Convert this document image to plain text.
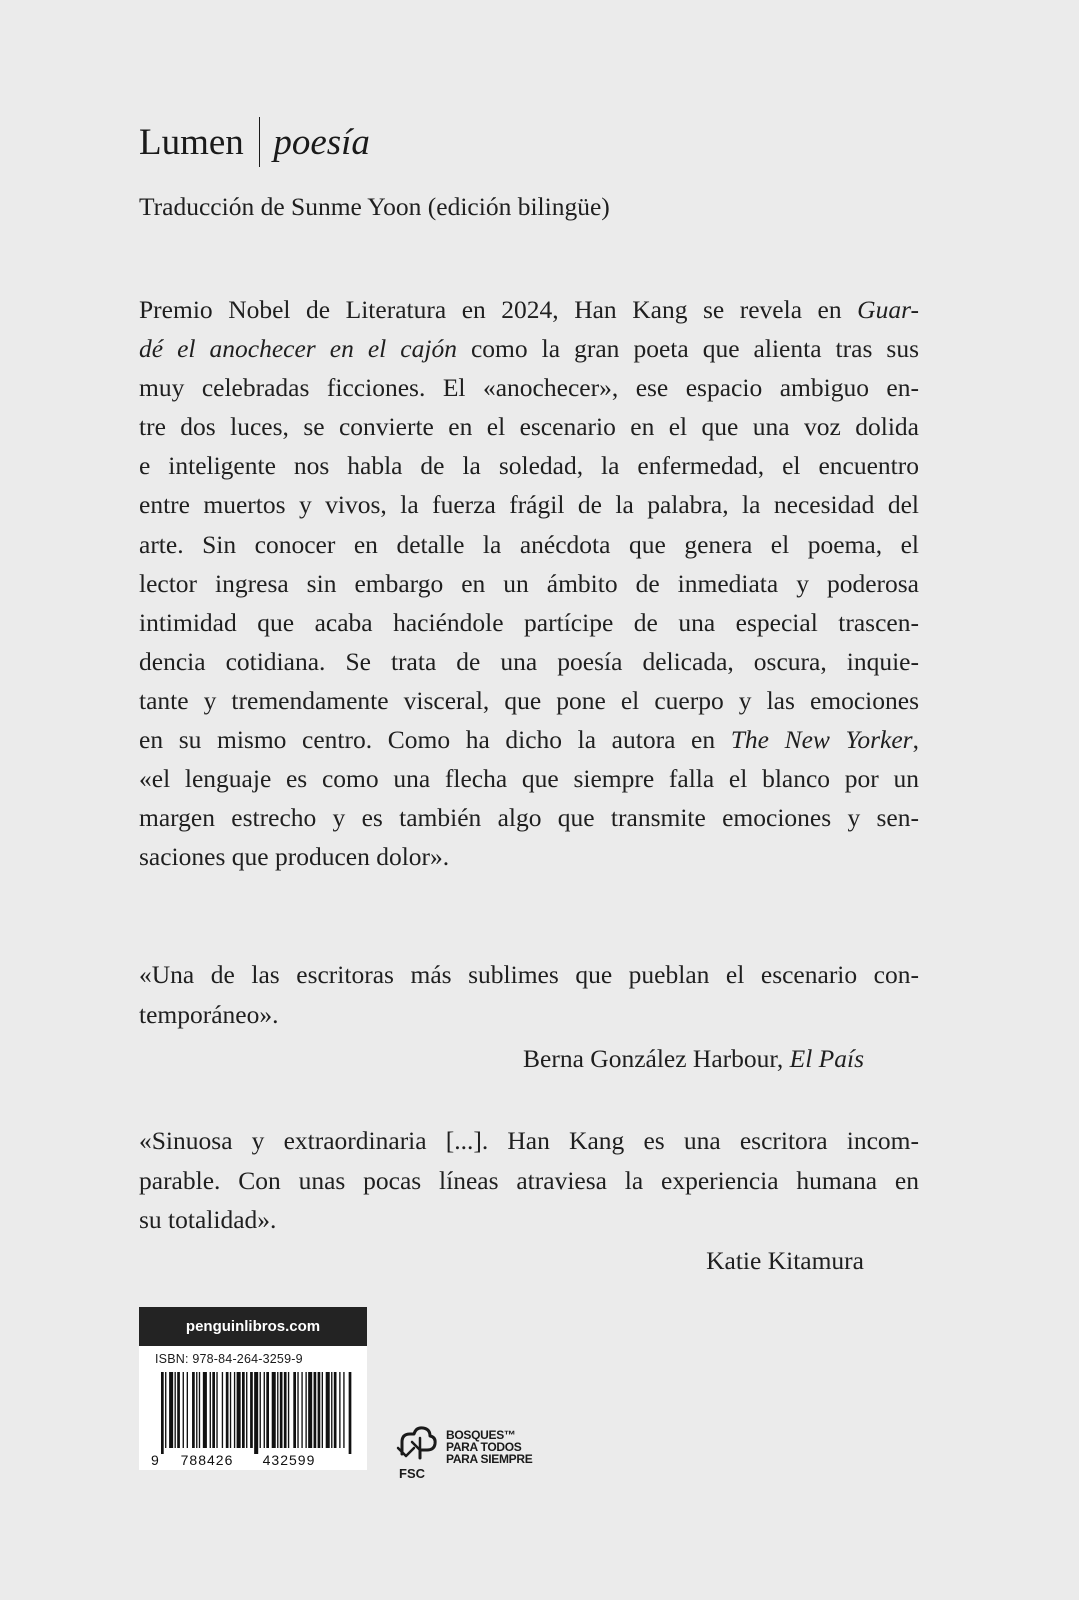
Lumen poesía
Traducción de Sunme Yoon (edición bilingüe)
Premio Nobel de Literatura en 2024, Han Kang se revela en Guar-
dé el anochecer en el cajón como la gran poeta que alienta tras sus
muy celebradas ficciones. El «anochecer», ese espacio ambiguo en-
tre dos luces, se convierte en el escenario en el que una voz dolida
e inteligente nos habla de la soledad, la enfermedad, el encuentro
entre muertos y vivos, la fuerza frágil de la palabra, la necesidad del
arte. Sin conocer en detalle la anécdota que genera el poema, el
lector ingresa sin embargo en un ámbito de inmediata y poderosa
intimidad que acaba haciéndole partícipe de una especial trascen-
dencia cotidiana. Se trata de una poesía delicada, oscura, inquie-
tante y tremendamente visceral, que pone el cuerpo y las emociones
en su mismo centro. Como ha dicho la autora en The New Yorker,
«el lenguaje es como una flecha que siempre falla el blanco por un
margen estrecho y es también algo que transmite emociones y sen-
saciones que producen dolor».
«Una de las escritoras más sublimes que pueblan el escenario con-
temporáneo».
Berna González Harbour, El País
«Sinuosa y extraordinaria [...]. Han Kang es una escritora incom-
parable. Con unas pocas líneas atraviesa la experiencia humana en
su totalidad».
Katie Kitamura
penguinlibros.com
ISBN: 978-84-264-3259-9
9 788426 432599
BOSQUES™
PARA TODOS
PARA SIEMPRE
FSC
